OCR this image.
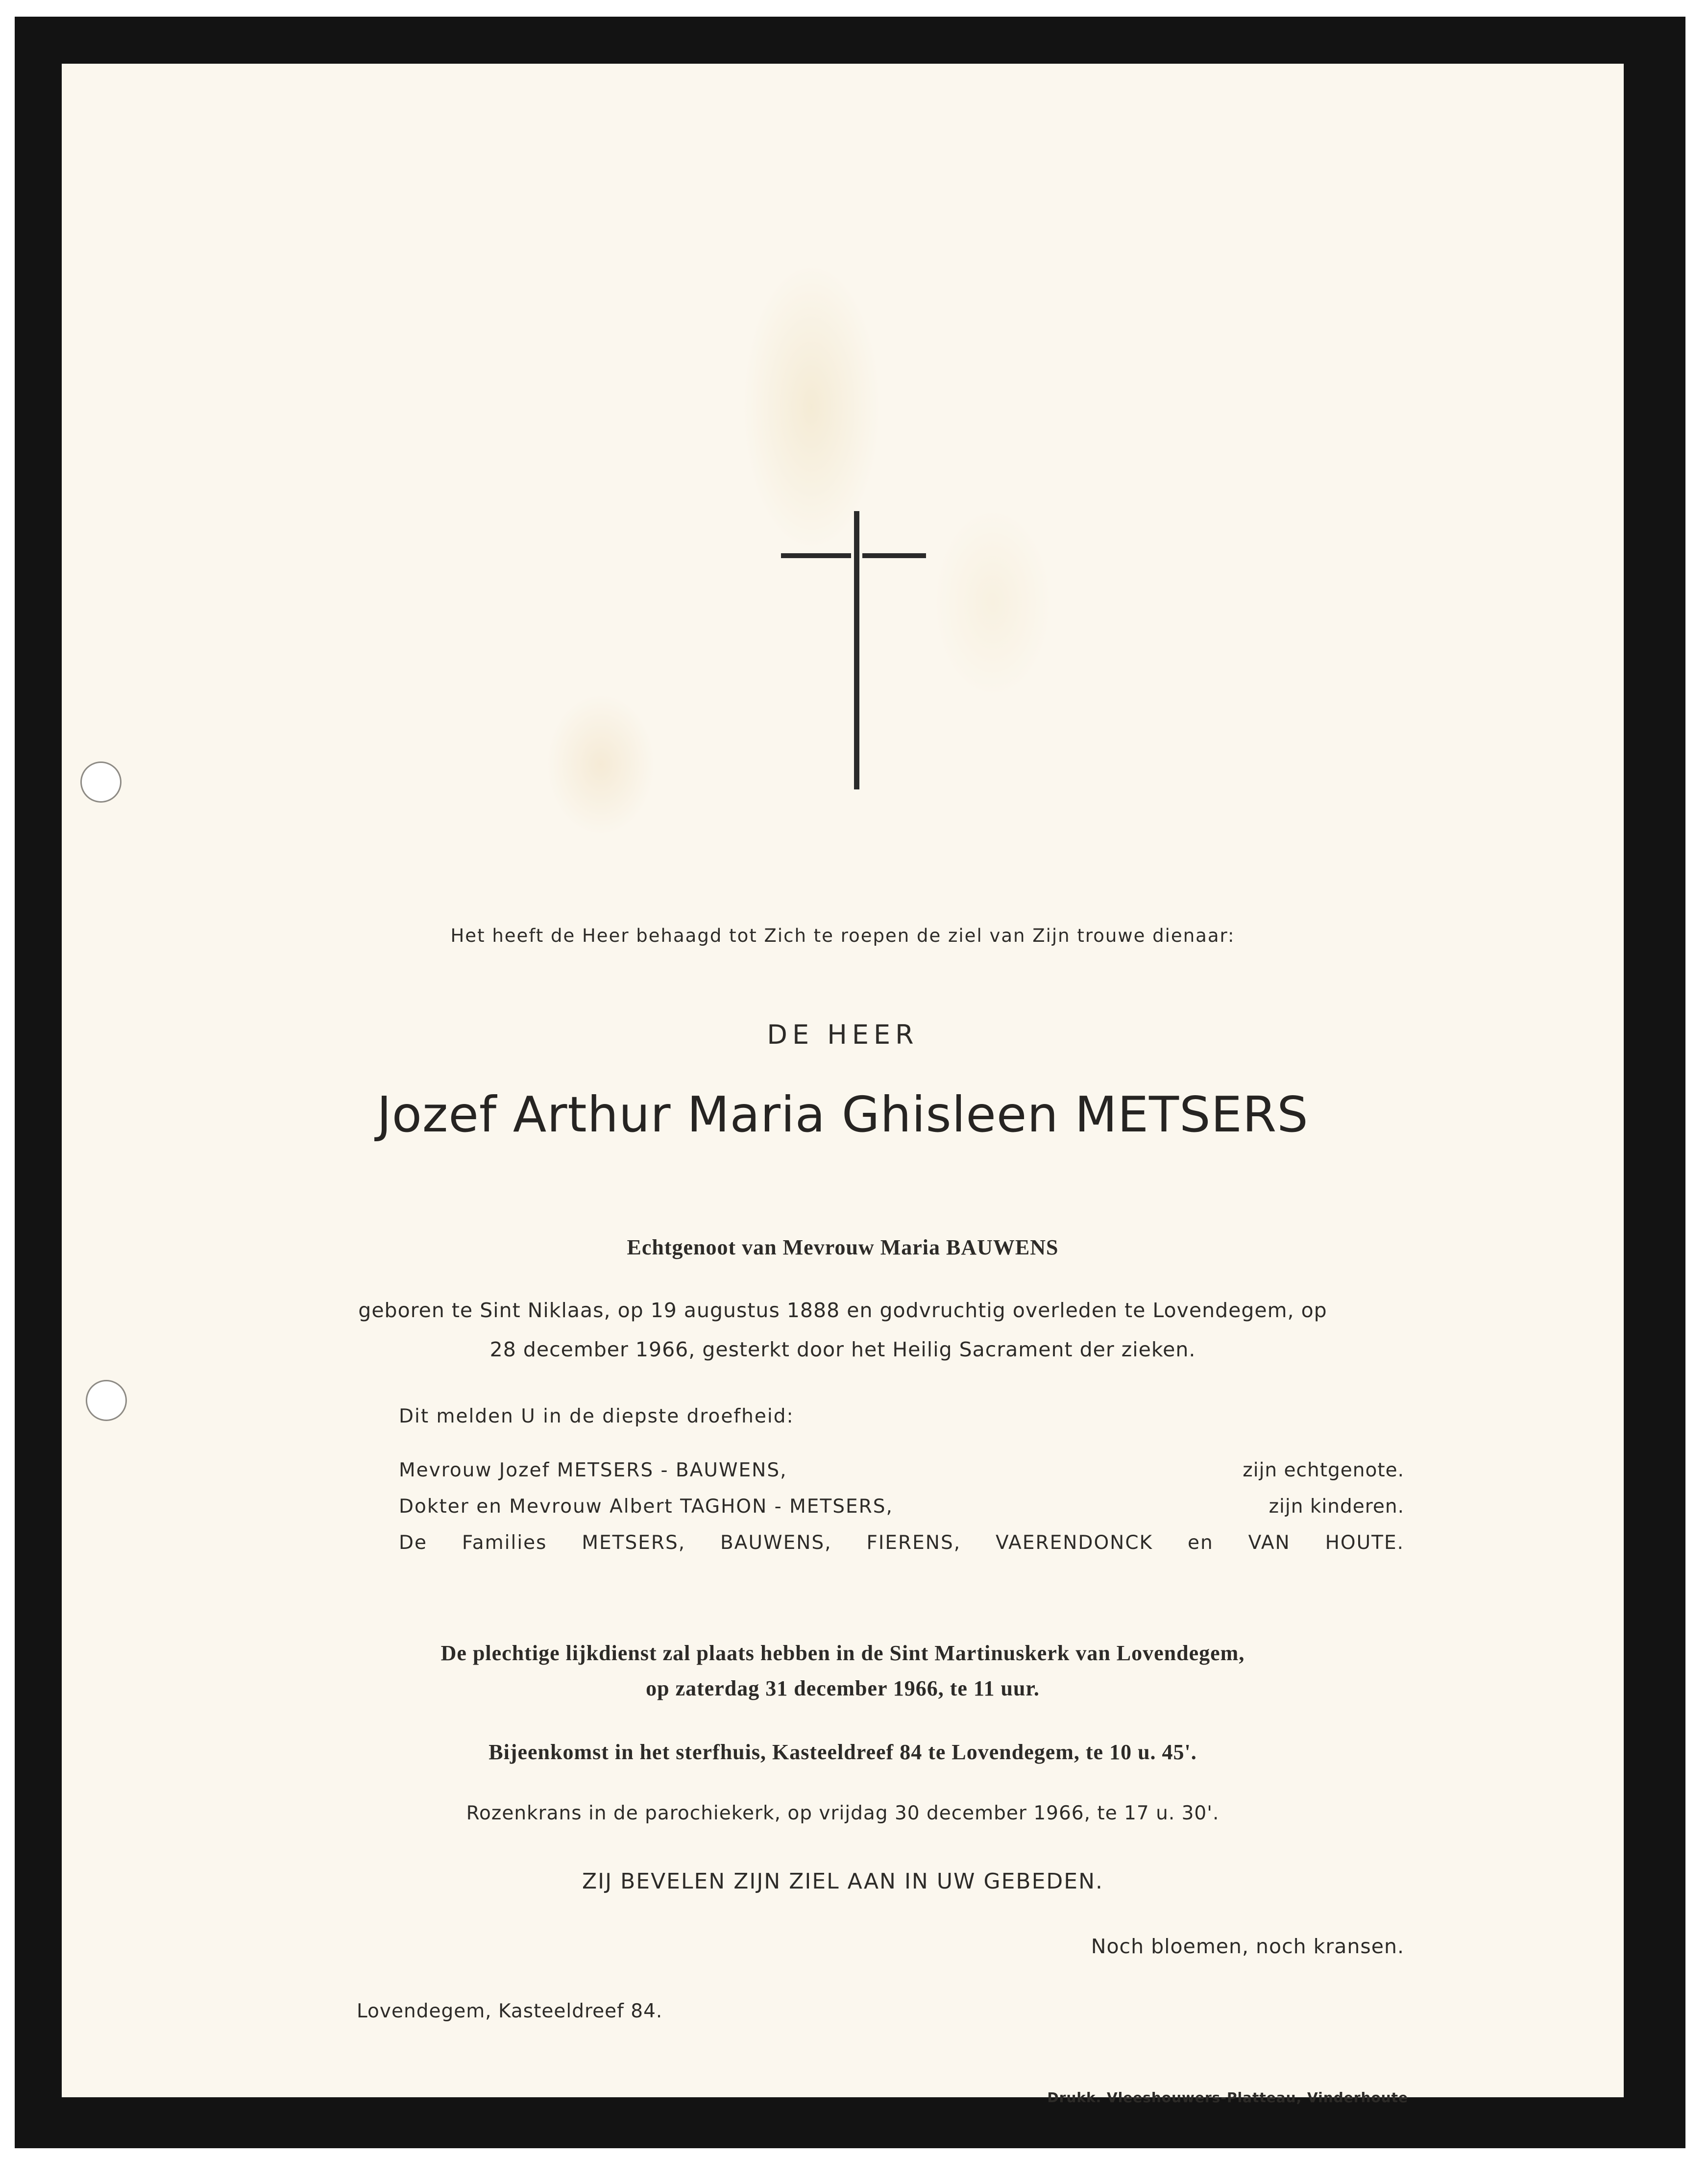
Het heeft de Heer behaagd tot Zich te roepen de ziel van Zijn trouwe dienaar:
DE HEER
Jozef Arthur Maria Ghisleen METSERS
Echtgenoot van Mevrouw Maria BAUWENS
geboren te Sint Niklaas, op 19 augustus 1888 en godvruchtig overleden te Lovendegem, op
28 december 1966, gesterkt door het Heilig Sacrament der zieken.
Dit melden U in de diepste droefheid:
Mevrouw Jozef METSERS - BAUWENS,	zijn echtgenote.
Dokter en Mevrouw Albert TAGHON - METSERS,	zijn kinderen.
De Families METSERS, BAUWENS, FIERENS, VAERENDONCK en VAN HOUTE.
De plechtige lijkdienst zal plaats hebben in de Sint Martinuskerk van Lovendegem,
op zaterdag 31 december 1966, te 11 uur.
Bijeenkomst in het sterfhuis, Kasteeldreef 84 te Lovendegem, te 10 u. 45'.
Rozenkrans in de parochiekerk, op vrijdag 30 december 1966, te 17 u. 30'.
ZIJ BEVELEN ZIJN ZIEL AAN IN UW GEBEDEN.
Noch bloemen, noch kransen.
Lovendegem, Kasteeldreef 84.
Drukk. Vleeshouwers-Platteau, Vinderhoute
